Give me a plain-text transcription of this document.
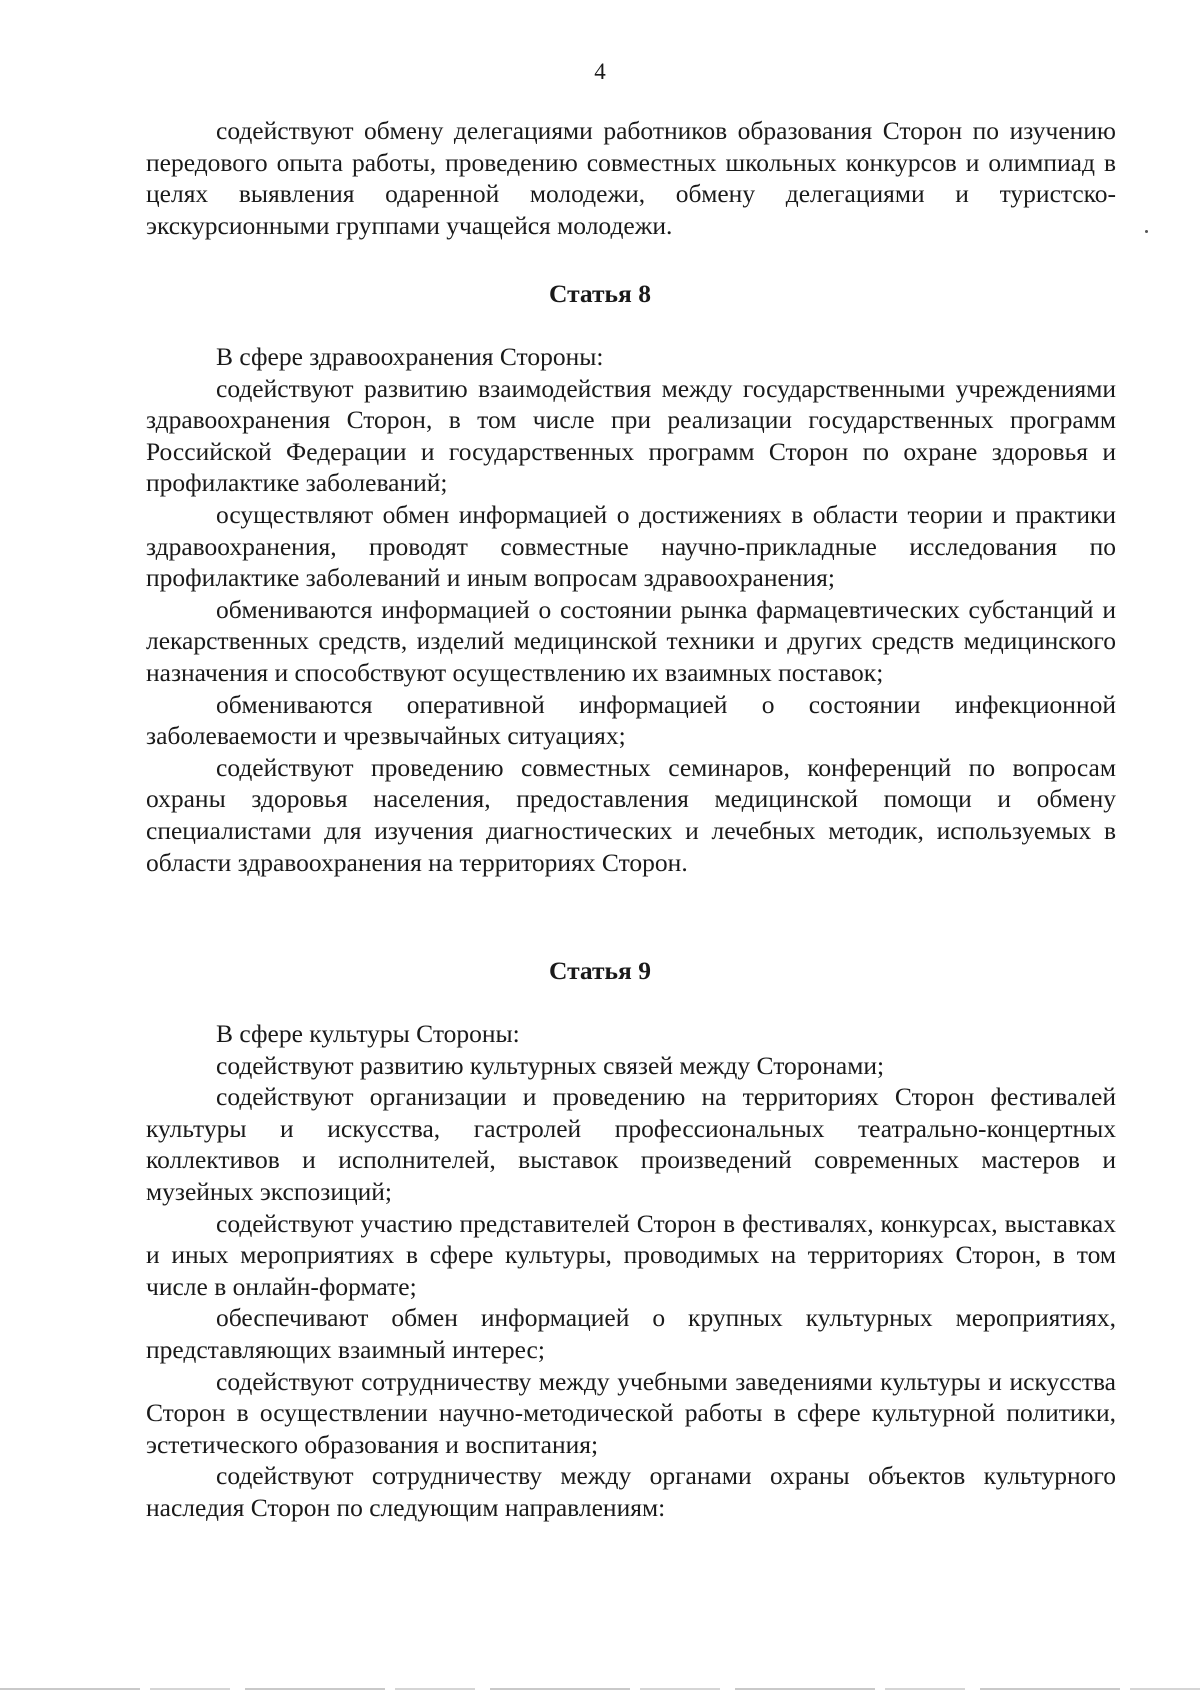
4

содействуют обмену делегациями работников образования Сторон по изучению передового опыта работы, проведению совместных школьных конкурсов и олимпиад в целях выявления одаренной молодежи, обмену делегациями и туристско-экскурсионными группами учащейся молодежи.

Статья 8

В сфере здравоохранения Стороны:

содействуют развитию взаимодействия между государственными учреждениями здравоохранения Сторон, в том числе при реализации государственных программ Российской Федерации и государственных программ Сторон по охране здоровья и профилактике заболеваний;

осуществляют обмен информацией о достижениях в области теории и практики здравоохранения, проводят совместные научно-прикладные исследования по профилактике заболеваний и иным вопросам здравоохранения;

обмениваются информацией о состоянии рынка фармацевтических субстанций и лекарственных средств, изделий медицинской техники и других средств медицинского назначения и способствуют осуществлению их взаимных поставок;

обмениваются оперативной информацией о состоянии инфекционной заболеваемости и чрезвычайных ситуациях;

содействуют проведению совместных семинаров, конференций по вопросам охраны здоровья населения, предоставления медицинской помощи и обмену специалистами для изучения диагностических и лечебных методик, используемых в области здравоохранения на территориях Сторон.

Статья 9

В сфере культуры Стороны:

содействуют развитию культурных связей между Сторонами;

содействуют организации и проведению на территориях Сторон фестивалей культуры и искусства, гастролей профессиональных театрально-концертных коллективов и исполнителей, выставок произведений современных мастеров и музейных экспозиций;

содействуют участию представителей Сторон в фестивалях, конкурсах, выставках и иных мероприятиях в сфере культуры, проводимых на территориях Сторон, в том числе в онлайн-формате;

обеспечивают обмен информацией о крупных культурных мероприятиях, представляющих взаимный интерес;

содействуют сотрудничеству между учебными заведениями культуры и искусства Сторон в осуществлении научно-методической работы в сфере культурной политики, эстетического образования и воспитания;

содействуют сотрудничеству между органами охраны объектов культурного наследия Сторон по следующим направлениям:
